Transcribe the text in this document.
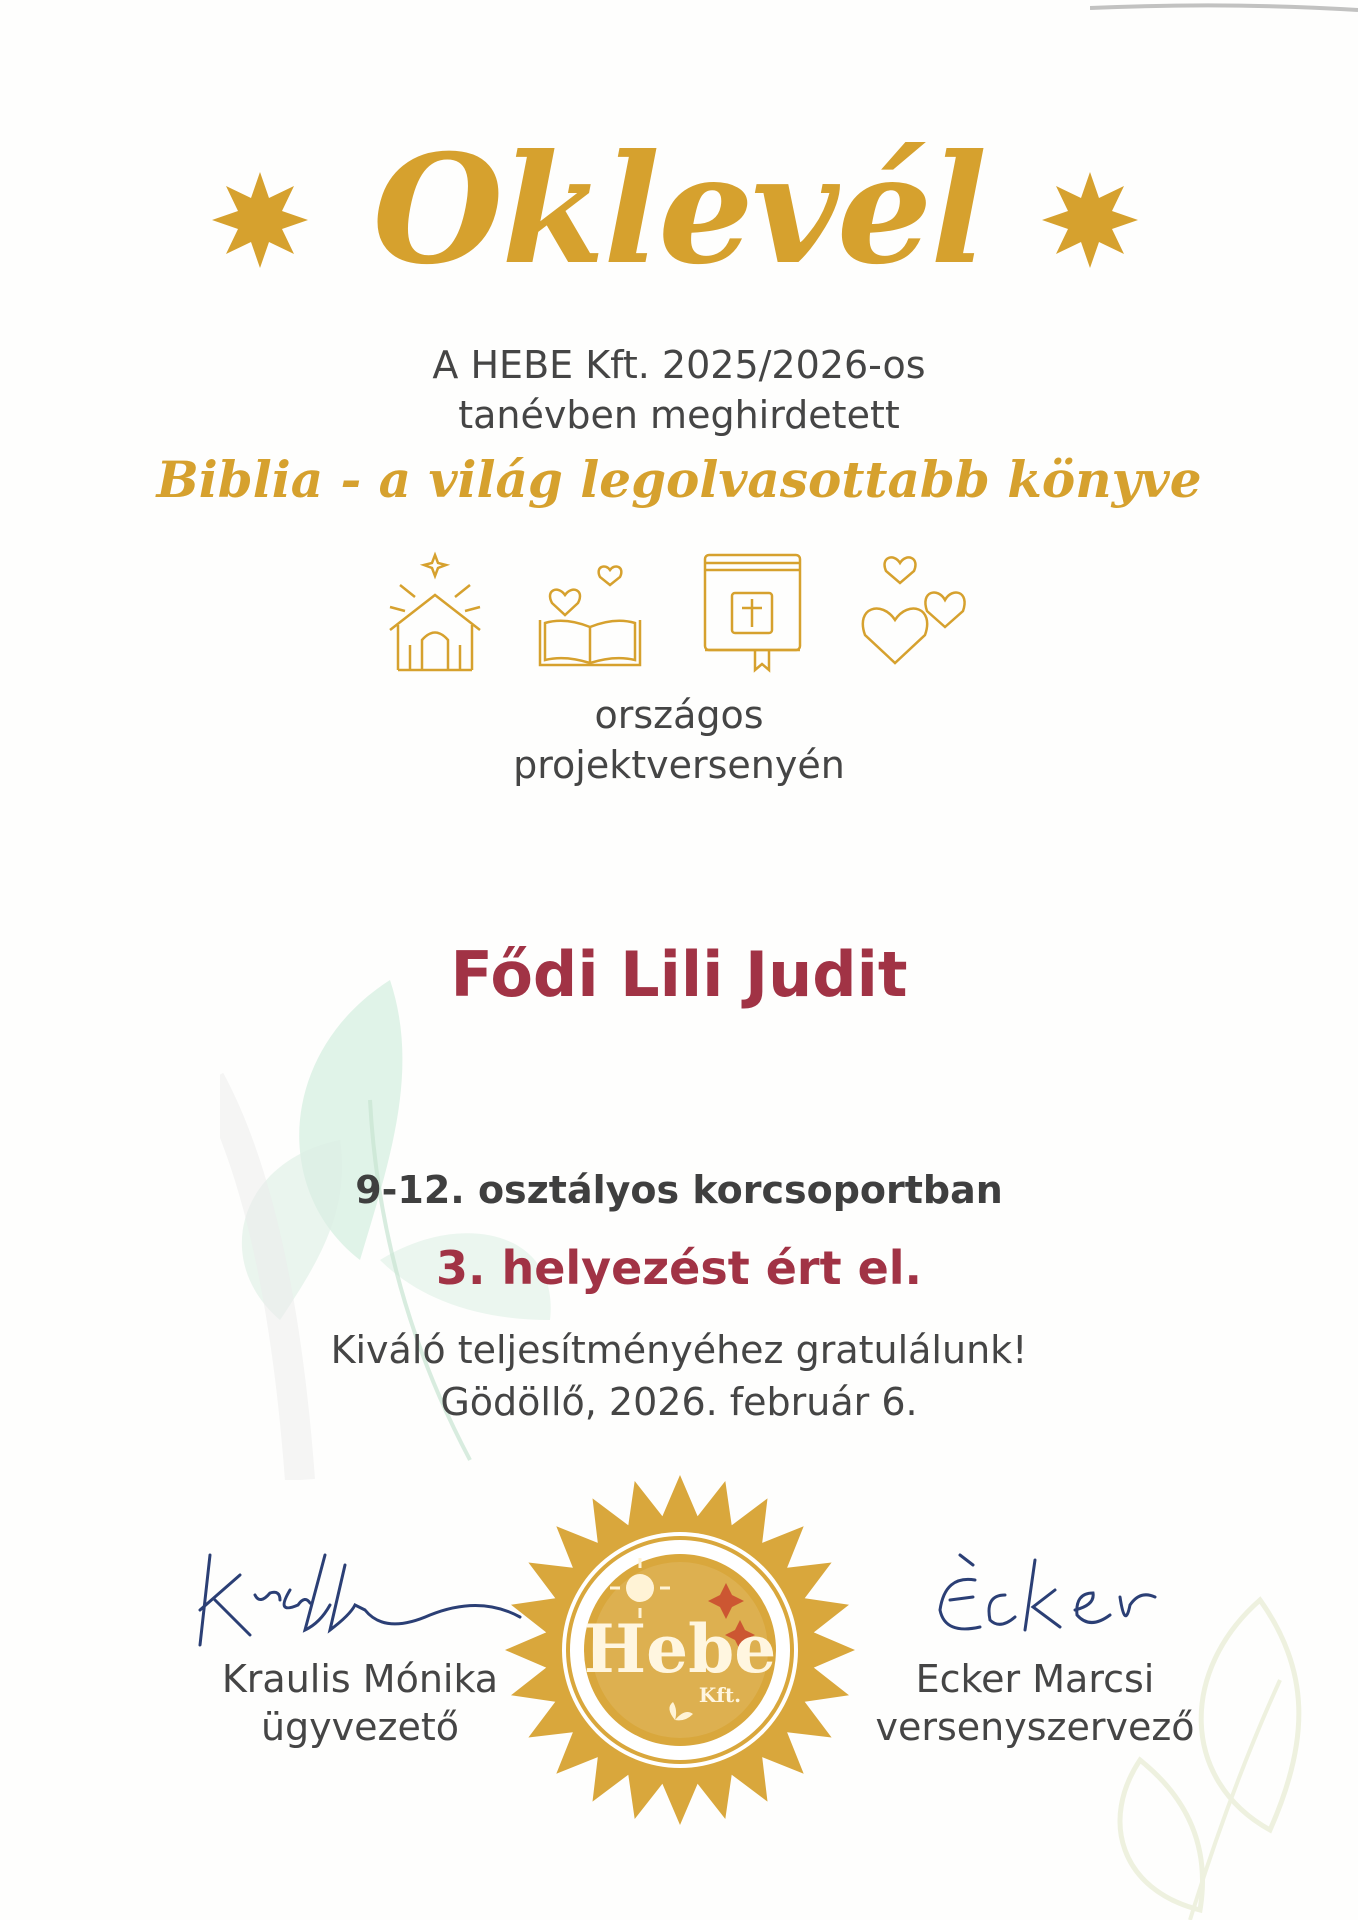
Oklevél
A HEBE Kft. 2025/2026-os
tanévben meghirdetett
Biblia - a világ legolvasottabb könyve
országos
projektversenyén
Fődi Lili Judit
9-12. osztályos korcsoportban
3. helyezést ért el.
Kiváló teljesítményéhez gratulálunk!
Gödöllő, 2026. február 6.
Kraulis Mónika
ügyvezető
Ecker Marcsi
versenyszervező
Hebe
Kft.
